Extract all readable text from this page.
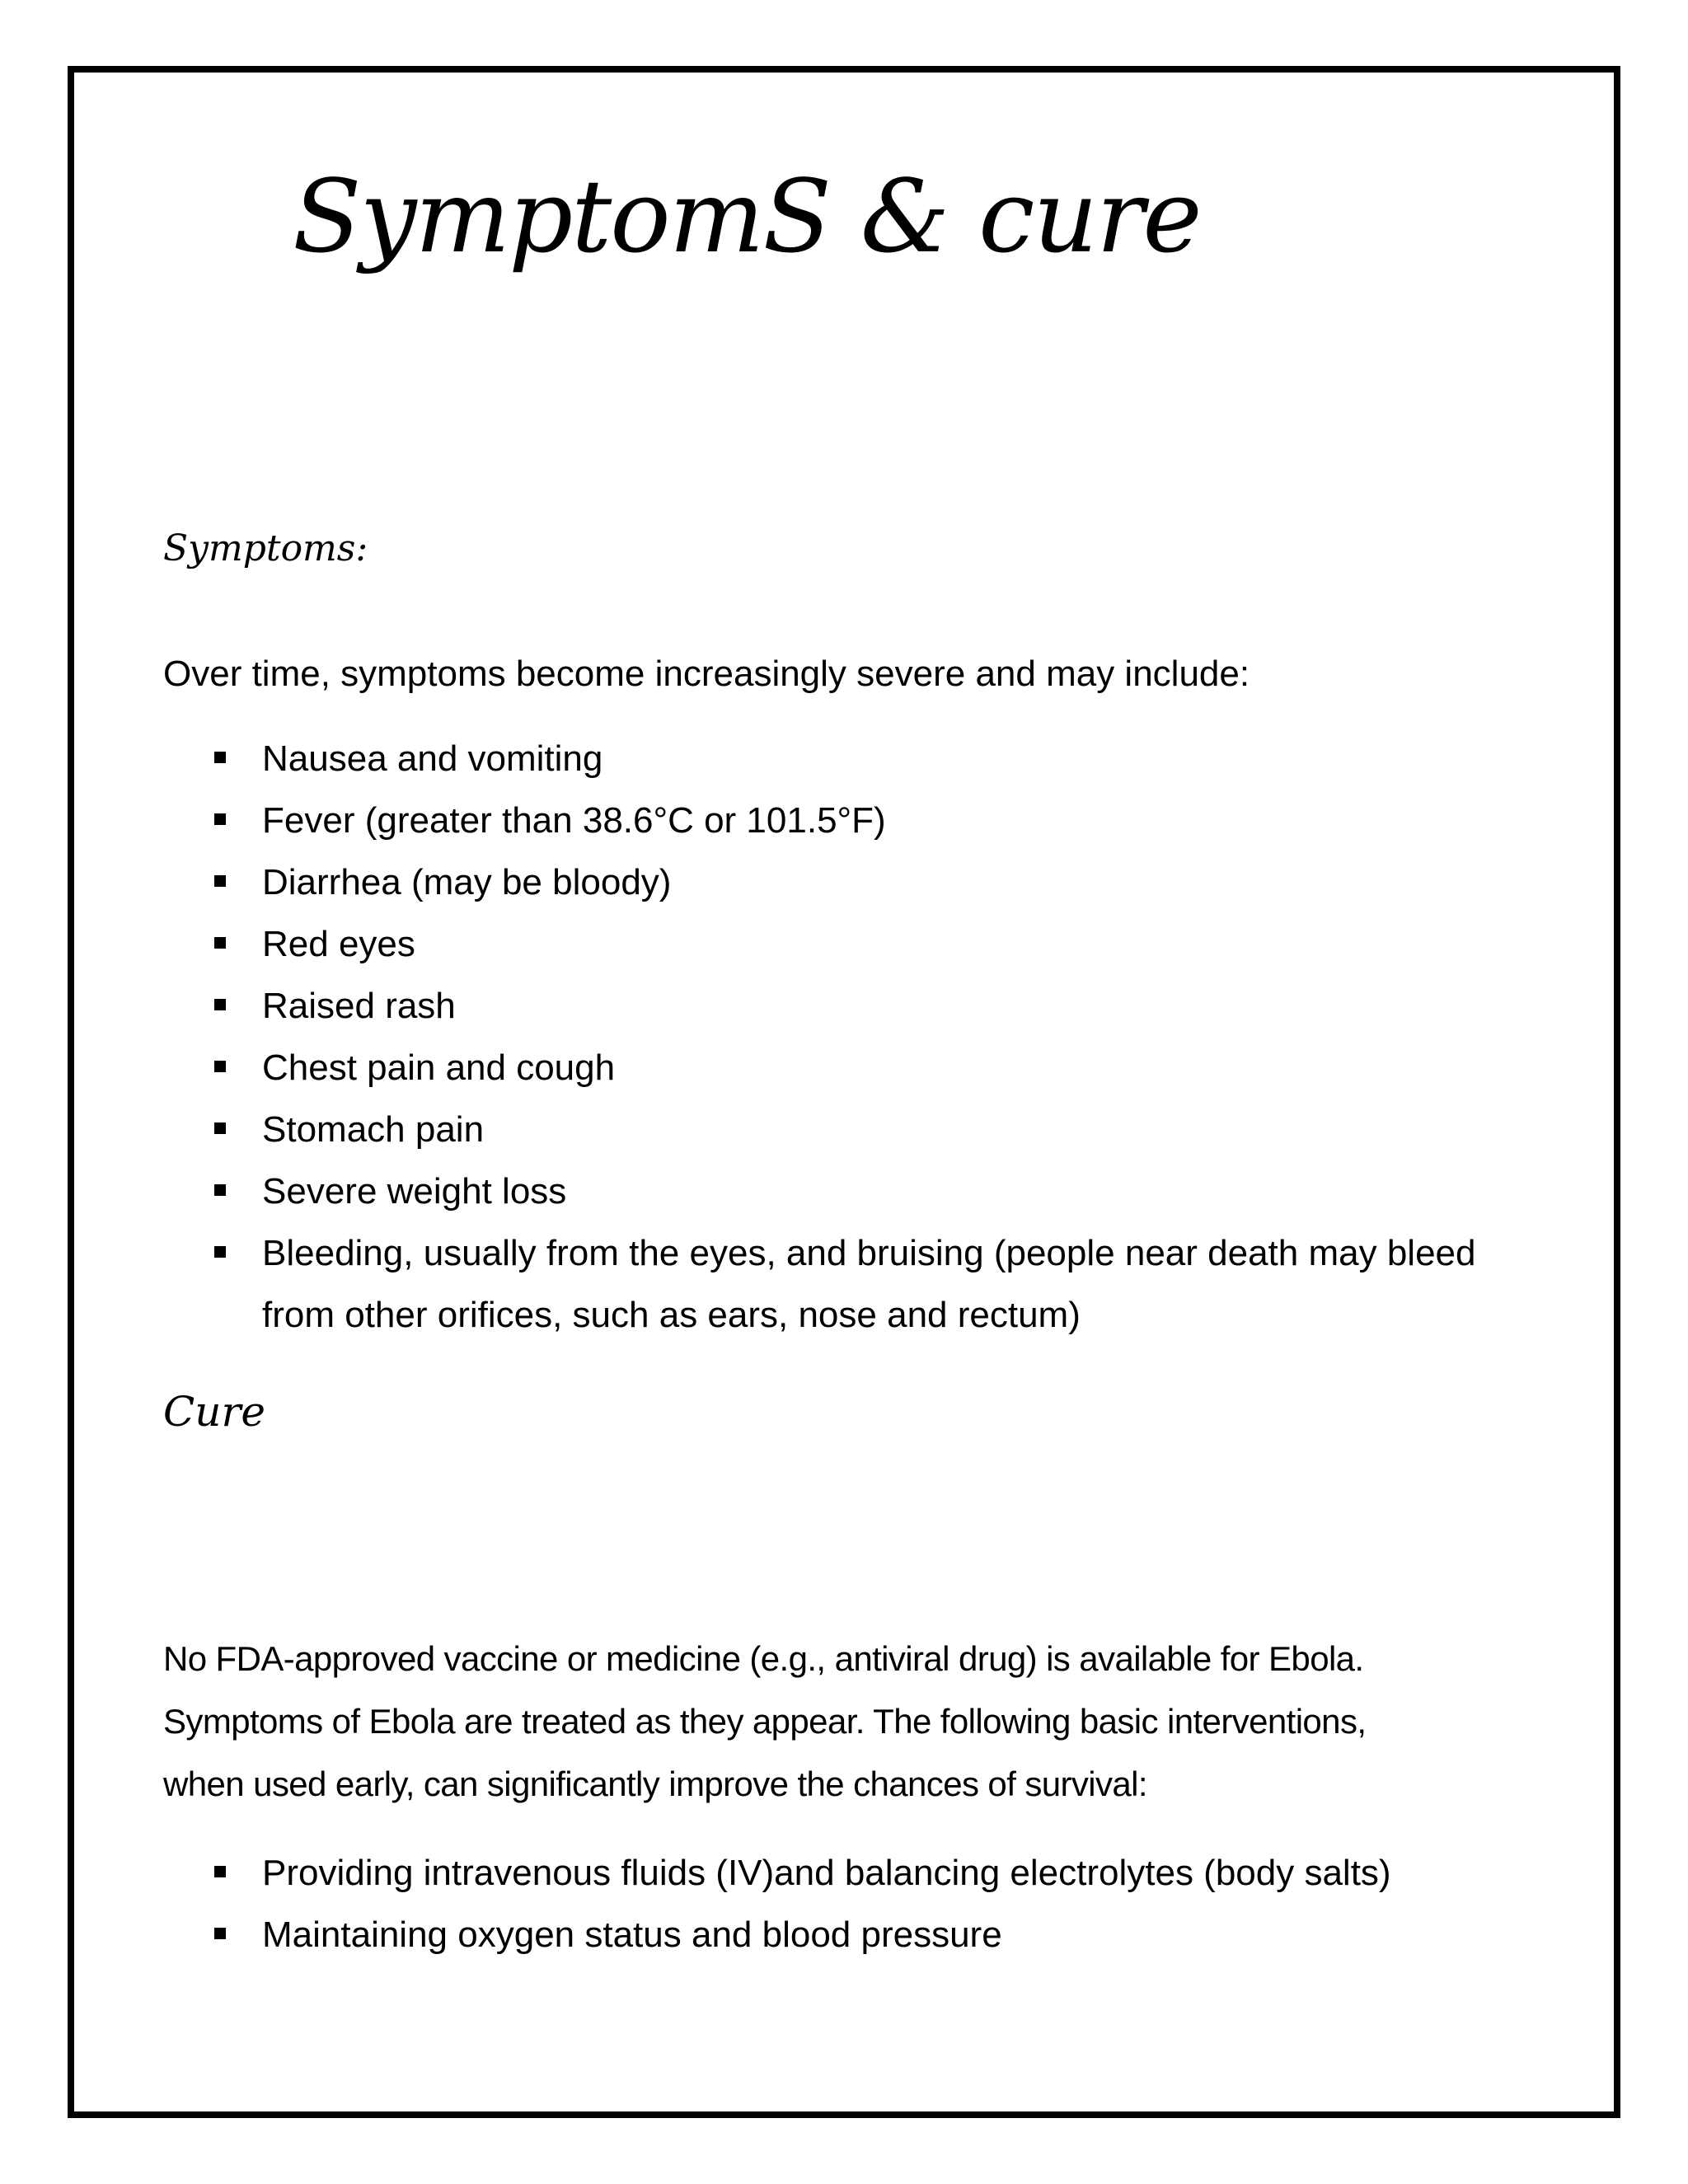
SymptomS & cure
Symptoms:
Over time, symptoms become increasingly severe and may include:
Nausea and vomiting
Fever (greater than 38.6°C or 101.5°F)
Diarrhea (may be bloody)
Red eyes
Raised rash
Chest pain and cough
Stomach pain
Severe weight loss
Bleeding, usually from the eyes, and bruising (people near death may bleed
from other orifices, such as ears, nose and rectum)
Cure
No FDA-approved vaccine or medicine (e.g., antiviral drug) is available for Ebola.
Symptoms of Ebola are treated as they appear. The following basic interventions,
when used early, can significantly improve the chances of survival:
Providing intravenous fluids (IV)and balancing electrolytes (body salts)
Maintaining oxygen status and blood pressure
